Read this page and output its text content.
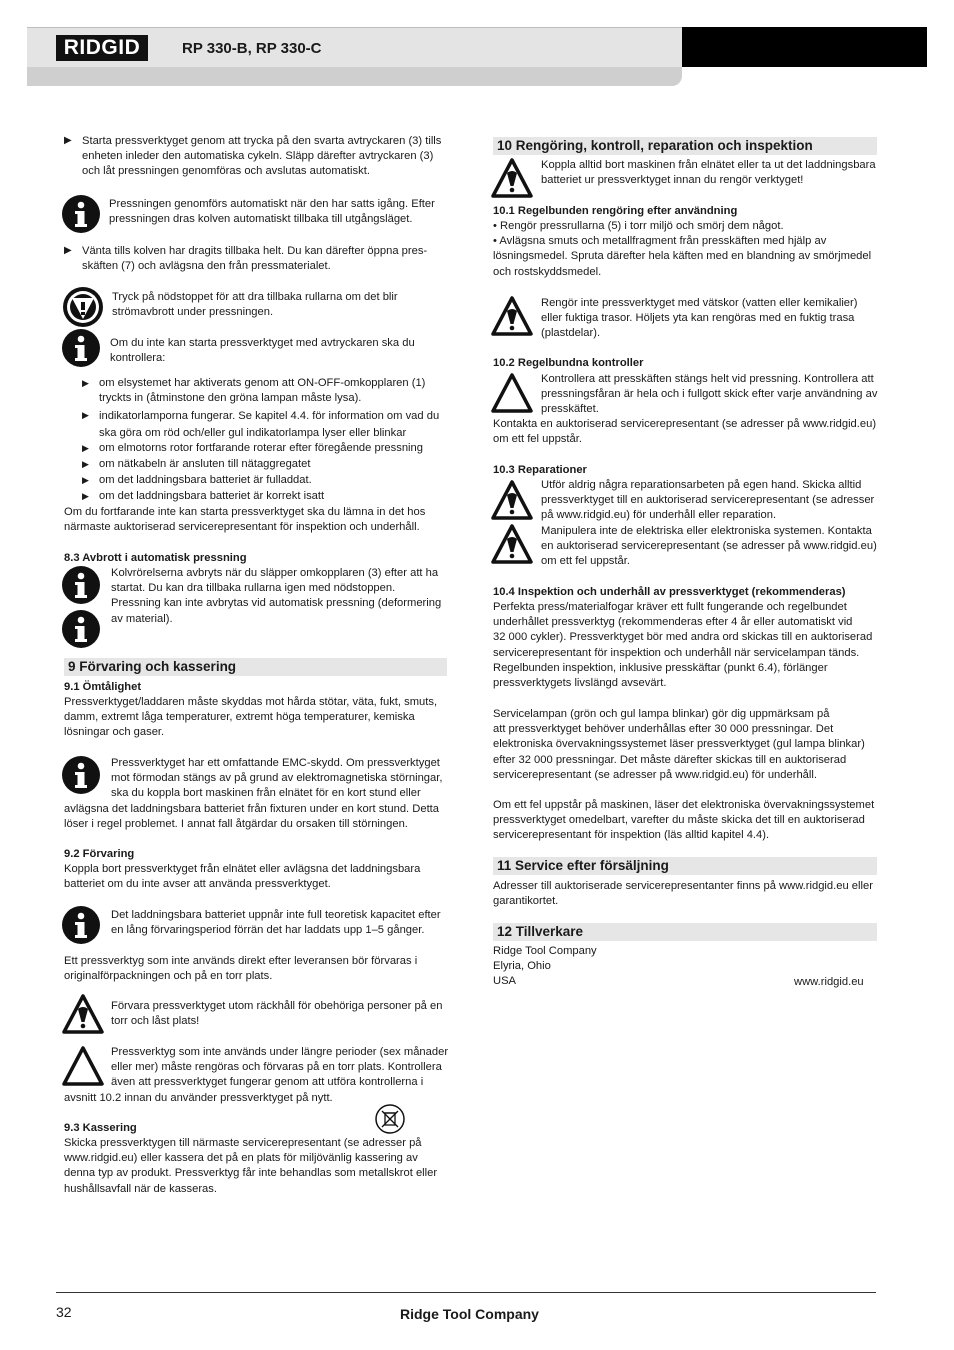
RIDGID	RP 330-B, RP 330-C
▶ Starta pressverktyget genom att trycka på den svarta avtryckaren (3) tills
enheten inleder den automatiska cykeln. Släpp därefter avtryckaren (3)
och låt pressningen genomföras och avslutas automatiskt.
Pressningen genomförs automatiskt när den har satts igång. Efter
pressningen dras kolven automatiskt tillbaka till utgångsläget.
▶ Vänta tills kolven har dragits tillbaka helt. Du kan därefter öppna pres-
skäften (7) och avlägsna den från pressmaterialet.
Tryck på nödstoppet för att dra tillbaka rullarna om det blir
strömavbrott under pressningen.
Om du inte kan starta pressverktyget med avtryckaren ska du
kontrollera:
▶ om elsystemet har aktiverats genom att ON-OFF-omkopplaren (1)
tryckts in (åtminstone den gröna lampan måste lysa).
▶ indikatorlamporna fungerar. Se kapitel 4.4. för information om vad du
ska göra om röd och/eller gul indikatorlampa lyser eller blinkar
▶ om elmotorns rotor fortfarande roterar efter föregående pressning
▶ om nätkabeln är ansluten till nätaggregatet
▶ om det laddningsbara batteriet är fulladdat.
▶ om det laddningsbara batteriet är korrekt isatt
Om du fortfarande inte kan starta pressverktyget ska du lämna in det hos
närmaste auktoriserad servicerepresentant för inspektion och underhåll.
8.3 Avbrott i automatisk pressning
Kolvrörelserna avbryts när du släpper omkopplaren (3) efter att ha
startat. Du kan dra tillbaka rullarna igen med nödstoppen.
Pressning kan inte avbrytas vid automatisk pressning (deformering
av material).
9 Förvaring och kassering
9.1 Ömtålighet
Pressverktyget/laddaren måste skyddas mot hårda stötar, väta, fukt, smuts,
damm, extremt låga temperaturer, extremt höga temperaturer, kemiska
lösningar och gaser.
Pressverktyget har ett omfattande EMC-skydd. Om pressverktyget
mot förmodan stängs av på grund av elektromagnetiska störningar,
ska du koppla bort maskinen från elnätet för en kort stund eller
avlägsna det laddningsbara batteriet från fixturen under en kort stund. Detta
löser i regel problemet. I annat fall åtgärdar du orsaken till störningen.
9.2 Förvaring
Koppla bort pressverktyget från elnätet eller avlägsna det laddningsbara
batteriet om du inte avser att använda pressverktyget.
Det laddningsbara batteriet uppnår inte full teoretisk kapacitet efter
en lång förvaringsperiod förrän det har laddats upp 1–5 gånger.
Ett pressverktyg som inte används direkt efter leveransen bör förvaras i
originalförpackningen och på en torr plats.
Förvara pressverktyget utom räckhåll för obehöriga personer på en
torr och låst plats!
Pressverktyg som inte används under längre perioder (sex månader
eller mer) måste rengöras och förvaras på en torr plats. Kontrollera
även att pressverktyget fungerar genom att utföra kontrollerna i
avsnitt 10.2 innan du använder pressverktyget på nytt.
9.3 Kassering
Skicka pressverktygen till närmaste servicerepresentant (se adresser på
www.ridgid.eu) eller kassera det på en plats för miljövänlig kassering av
denna typ av produkt. Pressverktyg får inte behandlas som metallskrot eller
hushållsavfall när de kasseras.
10 Rengöring, kontroll, reparation och inspektion
Koppla alltid bort maskinen från elnätet eller ta ut det laddningsbara
batteriet ur pressverktyget innan du rengör verktyget!
10.1 Regelbunden rengöring efter användning
• Rengör pressrullarna (5) i torr miljö och smörj dem något.
• Avlägsna smuts och metallfragment från presskäften med hjälp av
lösningsmedel. Spruta därefter hela käften med en blandning av smörjmedel
och rostskyddsmedel.
Rengör inte pressverktyget med vätskor (vatten eller kemikalier)
eller fuktiga trasor. Höljets yta kan rengöras med en fuktig trasa
(plastdelar).
10.2 Regelbundna kontroller
Kontrollera att presskäften stängs helt vid pressning. Kontrollera att
pressningsfåran är hela och i fullgott skick efter varje användning av
presskäftet.
Kontakta en auktoriserad servicerepresentant (se adresser på www.ridgid.eu)
om ett fel uppstår.
10.3 Reparationer
Utför aldrig några reparationsarbeten på egen hand. Skicka alltid
pressverktyget till en auktoriserad servicerepresentant (se adresser
på www.ridgid.eu) för underhåll eller reparation.
Manipulera inte de elektriska eller elektroniska systemen. Kontakta
en auktoriserad servicerepresentant (se adresser på www.ridgid.eu)
om ett fel uppstår.
10.4 Inspektion och underhåll av pressverktyget (rekommenderas)
Perfekta press/materialfogar kräver ett fullt fungerande och regelbundet
underhållet pressverktyg (rekommenderas efter 4 år eller automatiskt vid
32 000 cykler). Pressverktyget bör med andra ord skickas till en auktoriserad
servicerepresentant för inspektion och underhåll när servicelampan tänds.
Regelbunden inspektion, inklusive presskäftar (punkt 6.4), förlänger
pressverktygets livslängd avsevärt.
Servicelampan (grön och gul lampa blinkar) gör dig uppmärksam på
att pressverktyget behöver underhållas efter 30 000 pressningar. Det
elektroniska övervakningssystemet läser pressverktyget (gul lampa blinkar)
efter 32 000 pressningar. Det måste därefter skickas till en auktoriserad
servicerepresentant (se adresser på www.ridgid.eu) för underhåll.
Om ett fel uppstår på maskinen, läser det elektroniska övervakningssystemet
pressverktyget omedelbart, varefter du måste skicka det till en auktoriserad
servicerepresentant för inspektion (läs alltid kapitel 4.4).
11 Service efter försäljning
Adresser till auktoriserade servicerepresentanter finns på www.ridgid.eu eller
garantikortet.
12 Tillverkare
Ridge Tool Company
Elyria, Ohio
USA	www.ridgid.eu
32	Ridge Tool Company
